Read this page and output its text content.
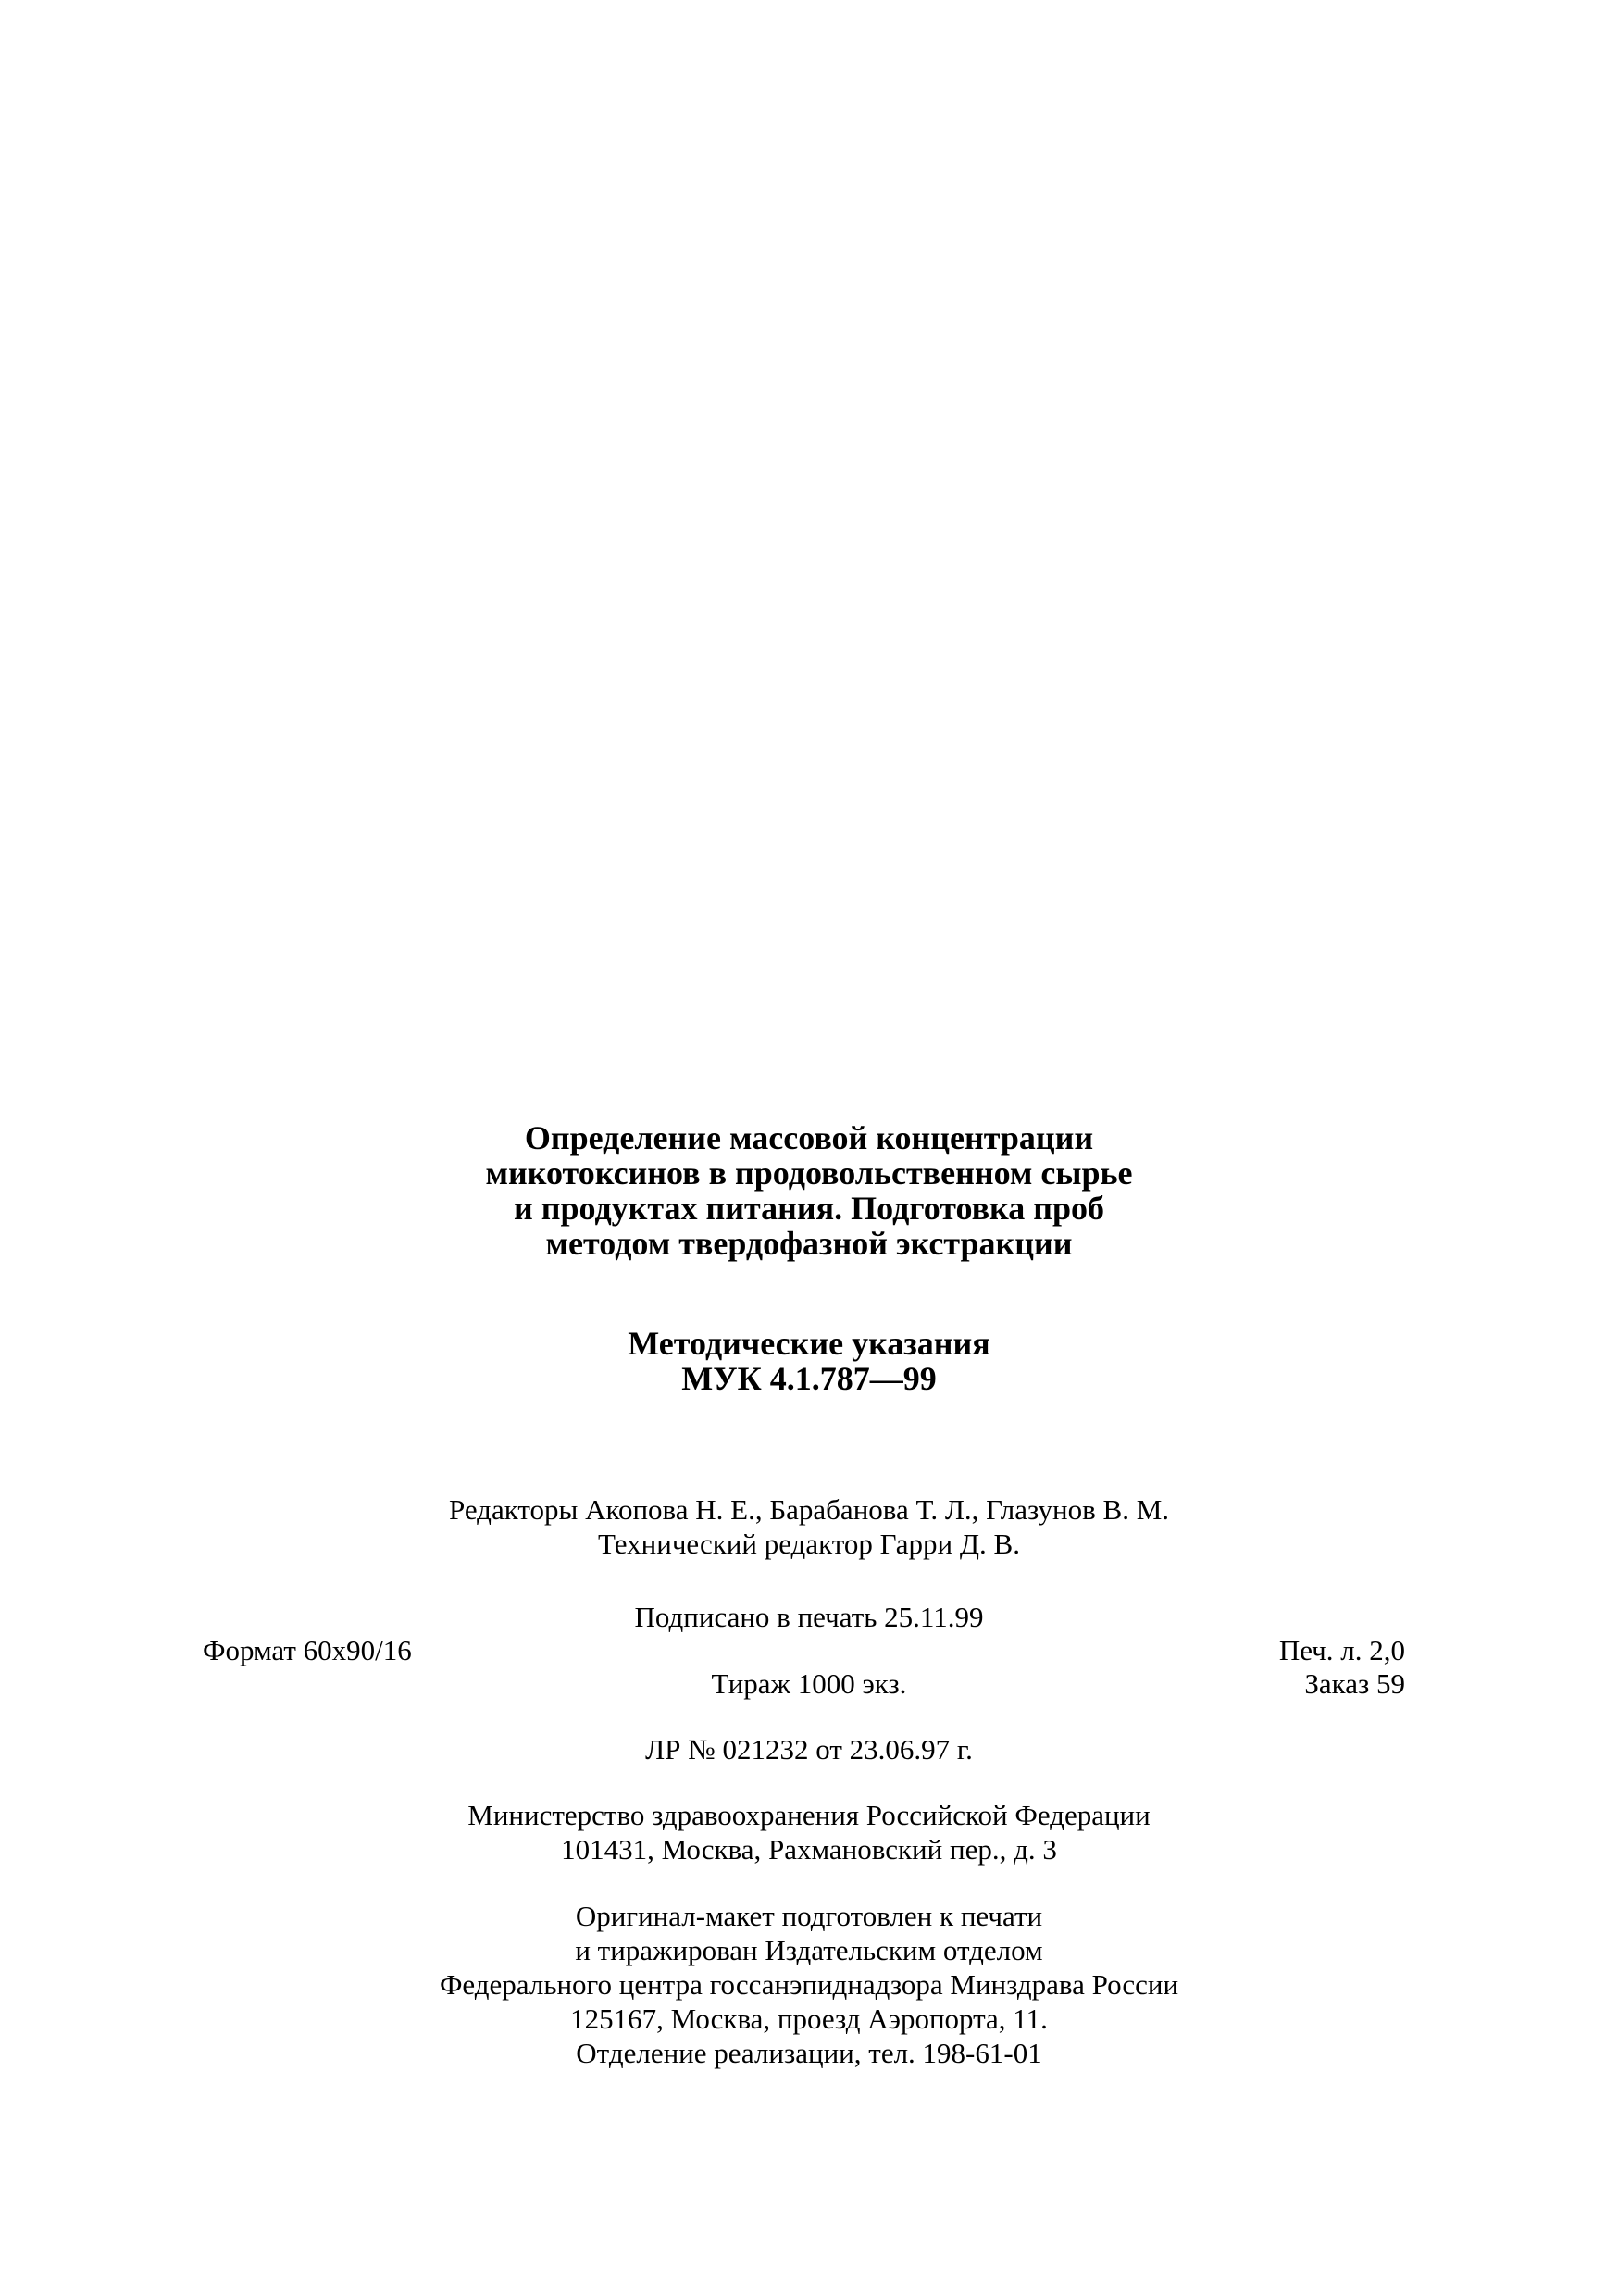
Определение массовой концентрации
микотоксинов в продовольственном сырье
и продуктах питания. Подготовка проб
методом твердофазной экстракции
Методические указания
МУК 4.1.787—99
Редакторы Акопова Н. Е., Барабанова Т. Л., Глазунов В. М.
Технический редактор Гарри Д. В.
Подписано в печать 25.11.99
Формат 60x90/16	Печ. л. 2,0
Тираж 1000 экз.	Заказ 59
ЛР № 021232 от 23.06.97 г.
Министерство здравоохранения Российской Федерации
101431, Москва, Рахмановский пер., д. 3
Оригинал-макет подготовлен к печати
и тиражирован Издательским отделом
Федерального центра госсанэпиднадзора Минздрава России
125167, Москва, проезд Аэропорта, 11.
Отделение реализации, тел. 198-61-01
